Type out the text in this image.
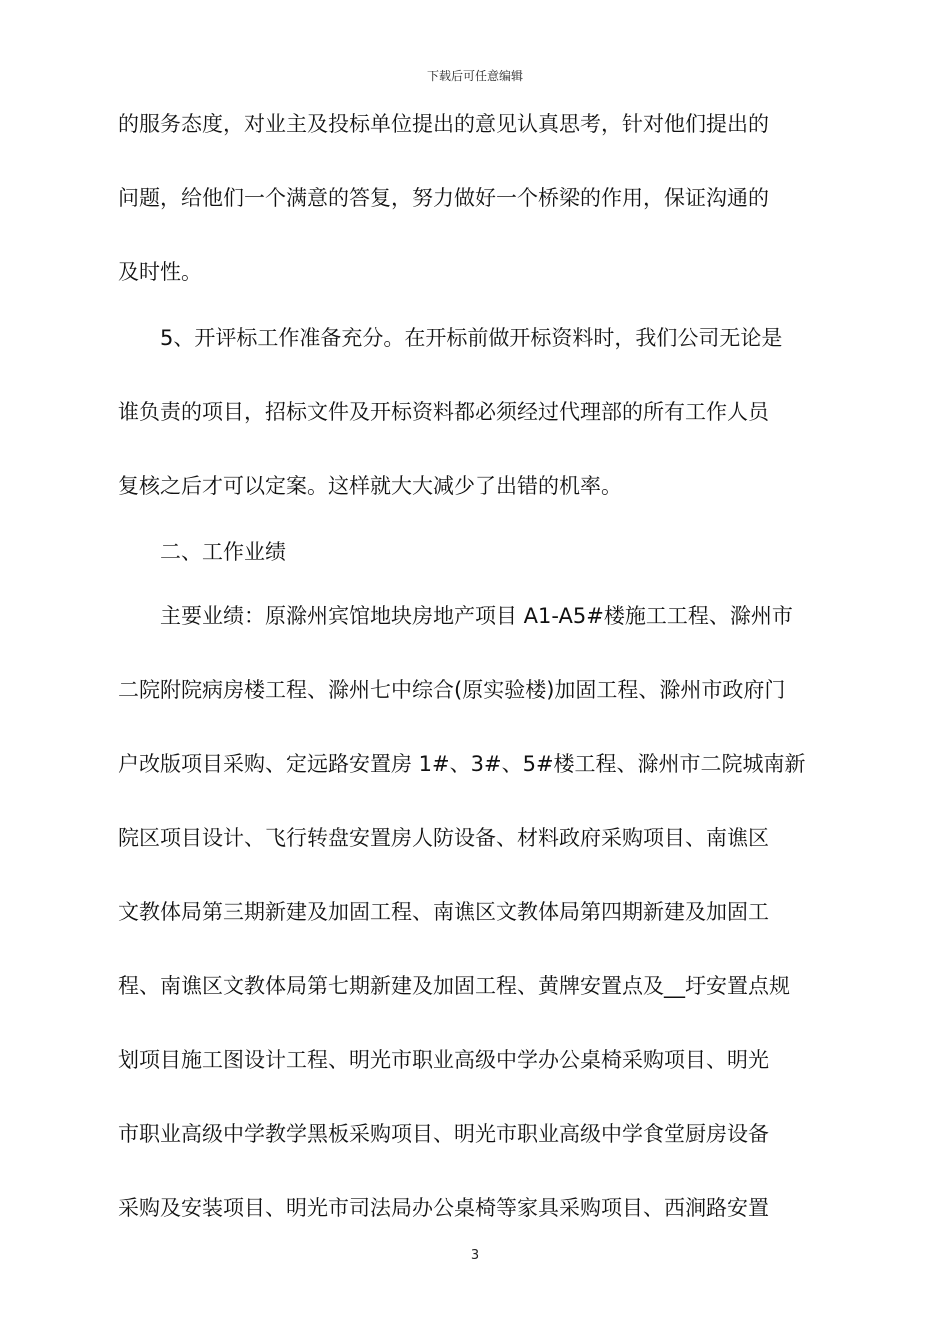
下载后可任意编辑
的服务态度，对业主及投标单位提出的意见认真思考，针对他们提出的
问题，给他们一个满意的答复，努力做好一个桥梁的作用，保证沟通的
及时性。
5、开评标工作准备充分。在开标前做开标资料时，我们公司无论是
谁负责的项目，招标文件及开标资料都必须经过代理部的所有工作人员
复核之后才可以定案。这样就大大减少了出错的机率。
二、工作业绩
主要业绩：原滁州宾馆地块房地产项目 A1-A5#楼施工工程、滁州市
二院附院病房楼工程、滁州七中综合(原实验楼)加固工程、滁州市政府门
户改版项目采购、定远路安置房 1#、3#、5#楼工程、滁州市二院城南新
院区项目设计、飞行转盘安置房人防设备、材料政府采购项目、南谯区
文教体局第三期新建及加固工程、南谯区文教体局第四期新建及加固工
程、南谯区文教体局第七期新建及加固工程、黄牌安置点及__圩安置点规
划项目施工图设计工程、明光市职业高级中学办公桌椅采购项目、明光
市职业高级中学教学黑板采购项目、明光市职业高级中学食堂厨房设备
采购及安装项目、明光市司法局办公桌椅等家具采购项目、西涧路安置
3
